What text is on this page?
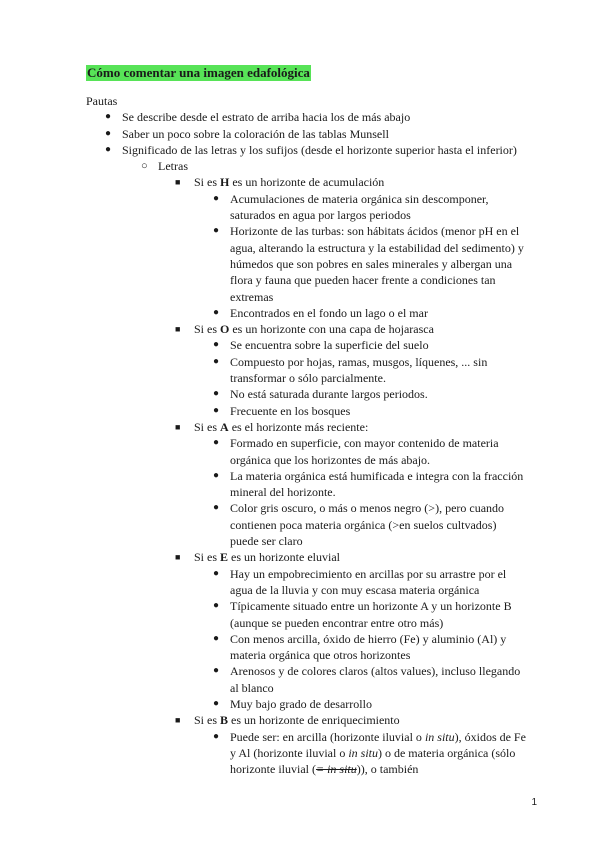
Cómo comentar una imagen edafológica
Pautas
● Se describe desde el estrato de arriba hacia los de más abajo
● Saber un poco sobre la coloración de las tablas Munsell
● Significado de las letras y los sufijos (desde el horizonte superior hasta el inferior)
○ Letras
■ Si es H es un horizonte de acumulación
● Acumulaciones de materia orgánica sin descomponer, saturados en agua por largos periodos
● Horizonte de las turbas: son hábitats ácidos (menor pH en el agua, alterando la estructura y la estabilidad del sedimento) y húmedos que son pobres en sales minerales y albergan una flora y fauna que pueden hacer frente a condiciones tan extremas
● Encontrados en el fondo un lago o el mar
■ Si es O es un horizonte con una capa de hojarasca
● Se encuentra sobre la superficie del suelo
● Compuesto por hojas, ramas, musgos, líquenes, ... sin transformar o sólo parcialmente.
● No está saturada durante largos periodos.
● Frecuente en los bosques
■ Si es A es el horizonte más reciente:
● Formado en superficie, con mayor contenido de materia orgánica que los horizontes de más abajo.
● La materia orgánica está humificada e integra con la fracción mineral del horizonte.
● Color gris oscuro, o más o menos negro (>), pero cuando contienen poca materia orgánica (>en suelos cultvados) puede ser claro
■ Si es E es un horizonte eluvial
● Hay un empobrecimiento en arcillas por su arrastre por el agua de la lluvia y con muy escasa materia orgánica
● Típicamente situado entre un horizonte A y un horizonte B (aunque se pueden encontrar entre otro más)
● Con menos arcilla, óxido de hierro (Fe) y aluminio (Al) y materia orgánica que otros horizontes
● Arenosos y de colores claros (altos values), incluso llegando al blanco
● Muy bajo grado de desarrollo
■ Si es B es un horizonte de enriquecimiento
● Puede ser: en arcilla (horizonte iluvial o in situ), óxidos de Fe y Al (horizonte iluvial o in situ) o de materia orgánica (sólo horizonte iluvial (= in situ)), o también
1
